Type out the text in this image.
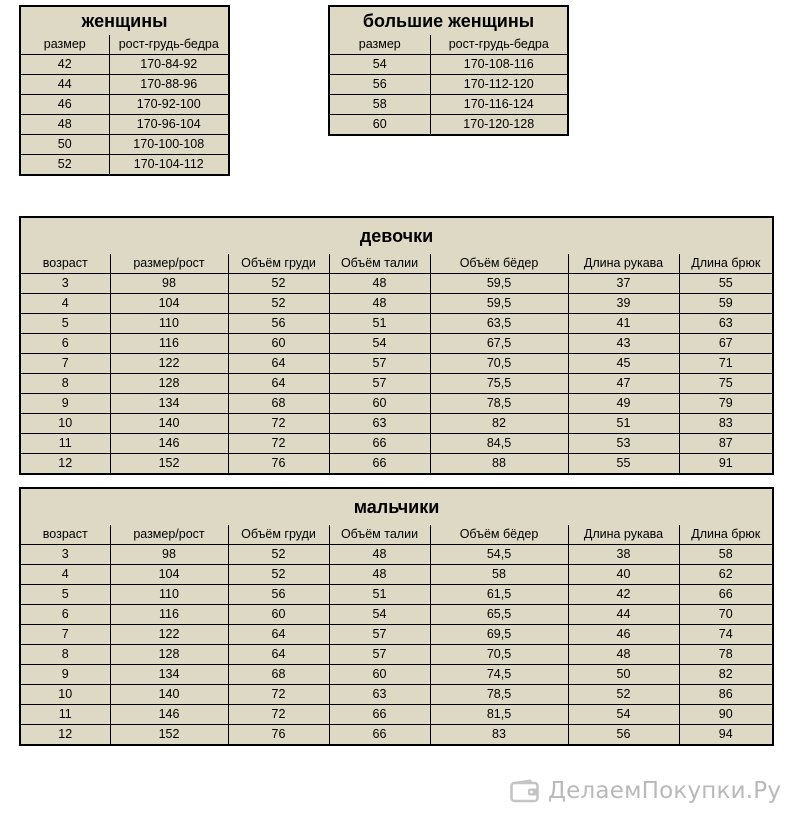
женщины	
размер	рост-грудь-бедра
42	170-84-92
44	170-88-96
46	170-92-100
48	170-96-104
50	170-100-108
52	170-104-112
большие женщины	
размер	рост-грудь-бедра
54	170-108-116
56	170-112-120
58	170-116-124
60	170-120-128
девочки						
возраст	размер/рост	Объём груди	Объём талии	Объём бёдер	Длина рукава	Длина брюк
3	98	52	48	59,5	37	55
4	104	52	48	59,5	39	59
5	110	56	51	63,5	41	63
6	116	60	54	67,5	43	67
7	122	64	57	70,5	45	71
8	128	64	57	75,5	47	75
9	134	68	60	78,5	49	79
10	140	72	63	82	51	83
11	146	72	66	84,5	53	87
12	152	76	66	88	55	91
мальчики						
возраст	размер/рост	Объём груди	Объём талии	Объём бёдер	Длина рукава	Длина брюк
3	98	52	48	54,5	38	58
4	104	52	48	58	40	62
5	110	56	51	61,5	42	66
6	116	60	54	65,5	44	70
7	122	64	57	69,5	46	74
8	128	64	57	70,5	48	78
9	134	68	60	74,5	50	82
10	140	72	63	78,5	52	86
11	146	72	66	81,5	54	90
12	152	76	66	83	56	94
ДелаемПокупки.Ру
